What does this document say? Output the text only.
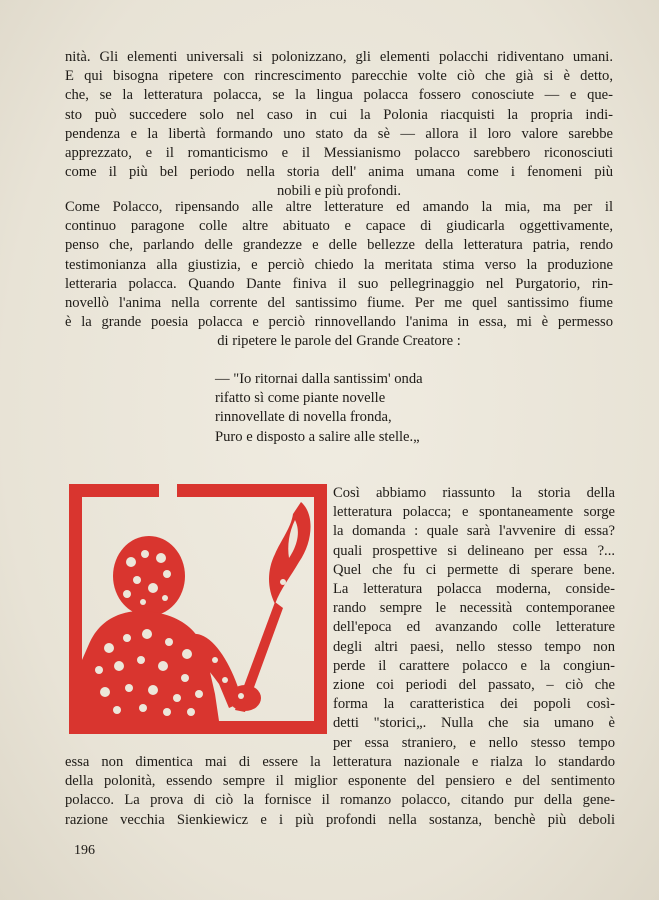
nità. Gli elementi universali si polonizzano, gli elementi polacchi ridiventano umani.
E qui bisogna ripetere con rincrescimento parecchie volte ciò che già si è detto,
che, se la letteratura polacca, se la lingua polacca fossero conosciute — e que-
sto può succedere solo nel caso in cui la Polonia riacquisti la propria indi-
pendenza e la libertà formando uno stato da sè — allora il loro valore sarebbe
apprezzato, e il romanticismo e il Messianismo polacco sarebbero riconosciuti
come il più bel periodo nella storia dell' anima umana come i fenomeni più
nobili e più profondi.
Come Polacco, ripensando alle altre letterature ed amando la mia, ma per il
continuo paragone colle altre abituato e capace di giudicarla oggettivamente,
penso che, parlando delle grandezze e delle bellezze della letteratura patria, rendo
testimonianza alla giustizia, e perciò chiedo la meritata stima verso la produzione
letteraria polacca. Quando Dante finiva il suo pellegrinaggio nel Purgatorio, rin-
novellò l'anima nella corrente del santissimo fiume. Per me quel santissimo fiume
è la grande poesia polacca e perciò rinnovellando l'anima in essa, mi è permesso
di ripetere le parole del Grande Creatore :
— "Io ritornai dalla santissim' onda
rifatto sì come piante novelle
rinnovellate di novella fronda,
Puro e disposto a salire alle stelle.„
Così abbiamo riassunto la storia della
letteratura polacca; e spontaneamente sorge
la domanda : quale sarà l'avvenire di essa?
quali prospettive si delineano per essa ?...
Quel che fu ci permette di sperare bene.
La letteratura polacca moderna, conside-
rando sempre le necessità contemporanee
dell'epoca ed avanzando colle letterature
degli altri paesi, nello stesso tempo non
perde il carattere polacco e la congiun-
zione coi periodi del passato, – ciò che
forma la caratteristica dei popoli così-
detti "storici„. Nulla che sia umano è
per essa straniero, e nello stesso tempo
essa non dimentica mai di essere la letteratura nazionale e rialza lo standardo
della polonità, essendo sempre il miglior esponente del pensiero e del sentimento
polacco. La prova di ciò la fornisce il romanzo polacco, citando pur della gene-
razione vecchia Sienkiewicz e i più profondi nella sostanza, benchè più deboli
196
